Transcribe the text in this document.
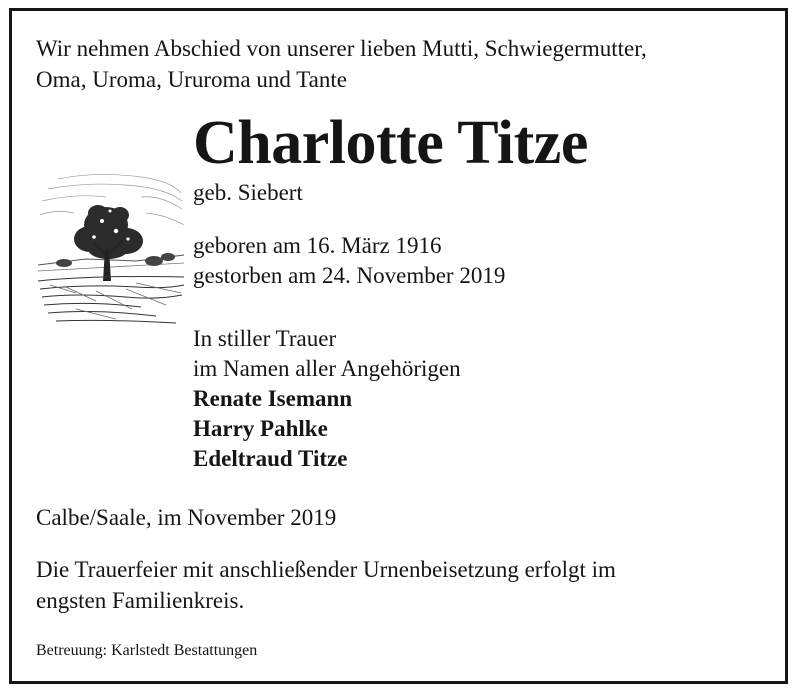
Wir nehmen Abschied von unserer lieben Mutti, Schwiegermutter,
Oma, Uroma, Ururoma und Tante
Charlotte Titze
geb. Siebert
geboren am 16. März 1916
gestorben am 24. November 2019
In stiller Trauer
im Namen aller Angehörigen
Renate Isemann
Harry Pahlke
Edeltraud Titze
Calbe/Saale, im November 2019
Die Trauerfeier mit anschließender Urnenbeisetzung erfolgt im
engsten Familienkreis.
Betreuung: Karlstedt Bestattungen
